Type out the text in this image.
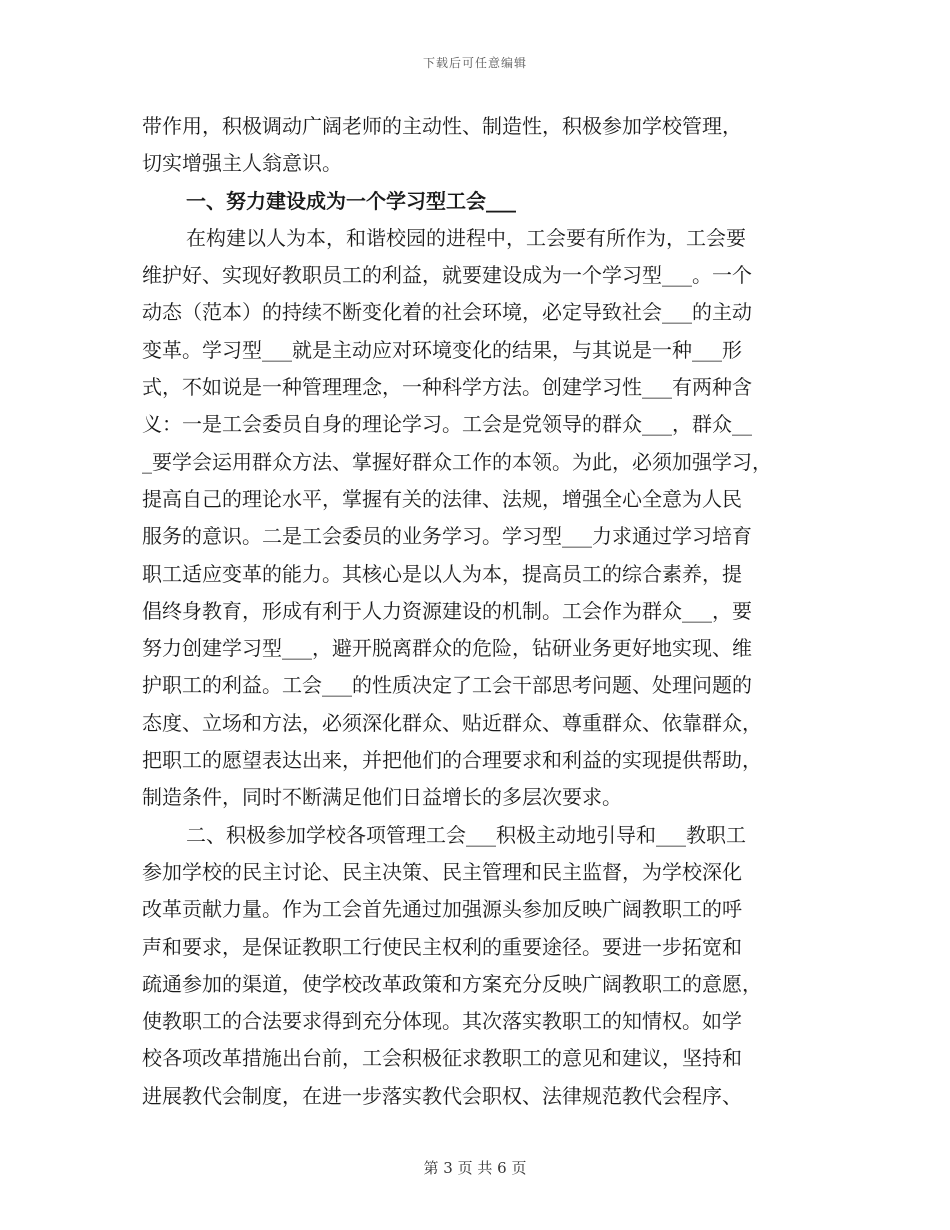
下载后可任意编辑
带作用，积极调动广阔老师的主动性、制造性，积极参加学校管理，
切实增强主人翁意识。
一、努力建设成为一个学习型工会___
在构建以人为本，和谐校园的进程中，工会要有所作为，工会要
维护好、实现好教职员工的利益，就要建设成为一个学习型___。一个
动态（范本）的持续不断变化着的社会环境，必定导致社会___的主动
变革。学习型___就是主动应对环境变化的结果，与其说是一种___形
式，不如说是一种管理理念，一种科学方法。创建学习性___有两种含
义：一是工会委员自身的理论学习。工会是党领导的群众___，群众__
_要学会运用群众方法、掌握好群众工作的本领。为此，必须加强学习，
提高自己的理论水平，掌握有关的法律、法规，增强全心全意为人民
服务的意识。二是工会委员的业务学习。学习型___力求通过学习培育
职工适应变革的能力。其核心是以人为本，提高员工的综合素养，提
倡终身教育，形成有利于人力资源建设的机制。工会作为群众___，要
努力创建学习型___，避开脱离群众的危险，钻研业务更好地实现、维
护职工的利益。工会___的性质决定了工会干部思考问题、处理问题的
态度、立场和方法，必须深化群众、贴近群众、尊重群众、依靠群众，
把职工的愿望表达出来，并把他们的合理要求和利益的实现提供帮助，
制造条件，同时不断满足他们日益增长的多层次要求。
二、积极参加学校各项管理工会___积极主动地引导和___教职工
参加学校的民主讨论、民主决策、民主管理和民主监督，为学校深化
改革贡献力量。作为工会首先通过加强源头参加反映广阔教职工的呼
声和要求，是保证教职工行使民主权利的重要途径。要进一步拓宽和
疏通参加的渠道，使学校改革政策和方案充分反映广阔教职工的意愿，
使教职工的合法要求得到充分体现。其次落实教职工的知情权。如学
校各项改革措施出台前，工会积极征求教职工的意见和建议，坚持和
进展教代会制度，在进一步落实教代会职权、法律规范教代会程序、
第 3 页 共 6 页
